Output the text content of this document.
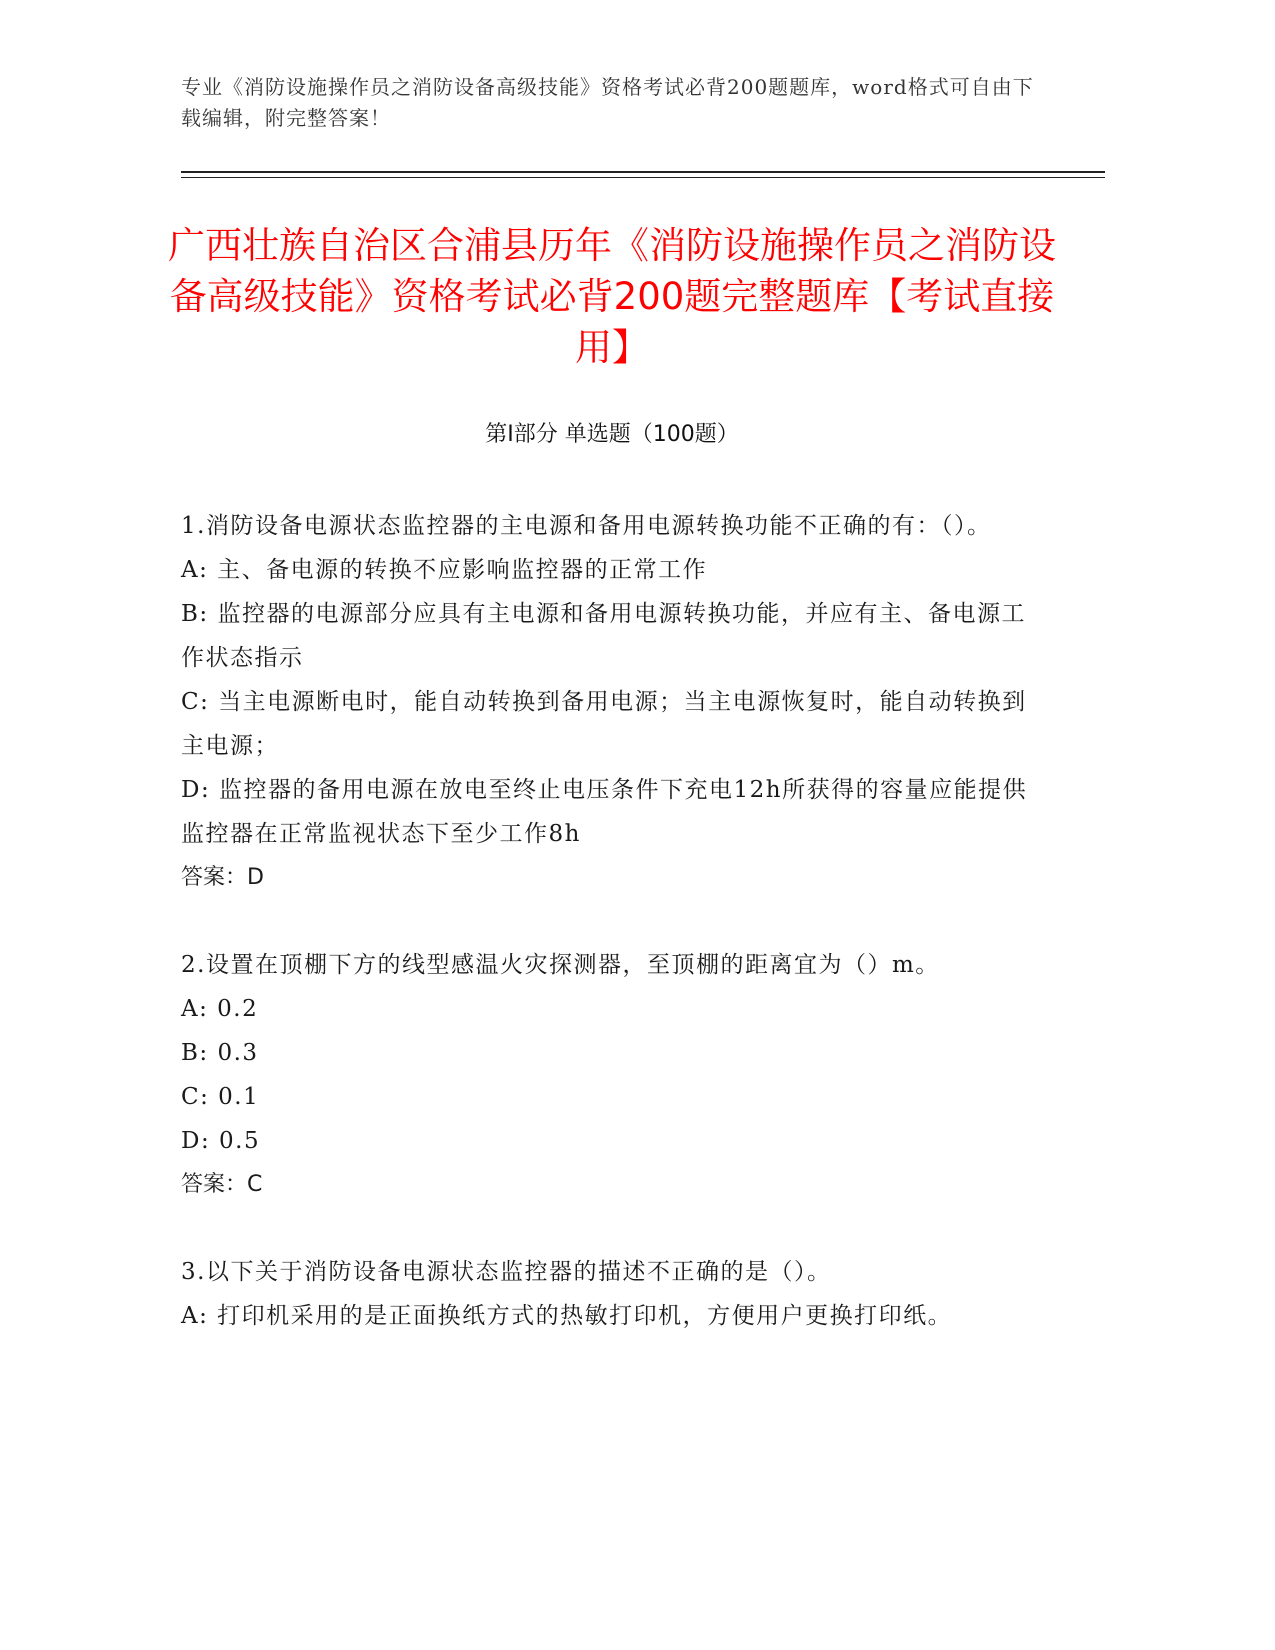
专业《消防设施操作员之消防设备高级技能》资格考试必背200题题库，word格式可自由下载编辑，附完整答案！
广西壮族自治区合浦县历年《消防设施操作员之消防设备高级技能》资格考试必背200题完整题库【考试直接用】
第I部分 单选题（100题）
1.消防设备电源状态监控器的主电源和备用电源转换功能不正确的有：（）。
A: 主、备电源的转换不应影响监控器的正常工作
B: 监控器的电源部分应具有主电源和备用电源转换功能，并应有主、备电源工作状态指示
C: 当主电源断电时，能自动转换到备用电源；当主电源恢复时，能自动转换到主电源；
D: 监控器的备用电源在放电至终止电压条件下充电12h所获得的容量应能提供监控器在正常监视状态下至少工作8h
答案：D
2.设置在顶棚下方的线型感温火灾探测器，至顶棚的距离宜为（）m。
A: 0.2
B: 0.3
C: 0.1
D: 0.5
答案：C
3.以下关于消防设备电源状态监控器的描述不正确的是（）。
A: 打印机采用的是正面换纸方式的热敏打印机，方便用户更换打印纸。
